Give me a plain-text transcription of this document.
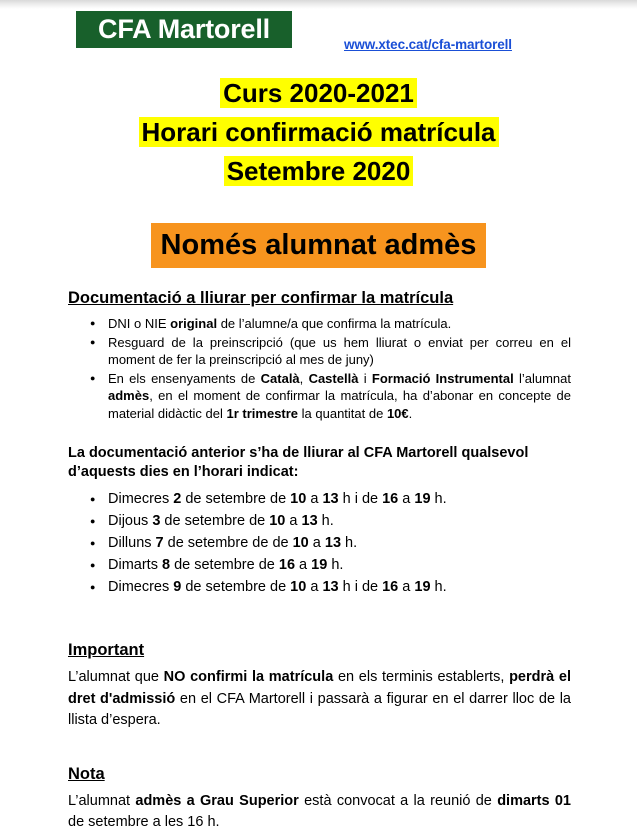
CFA Martorell
www.xtec.cat/cfa-martorell
Curs 2020-2021
Horari confirmació matrícula
Setembre 2020
Només alumnat admès
Documentació a lliurar per confirmar la matrícula
● DNI o NIE original de l’alumne/a que confirma la matrícula.
● Resguard de la preinscripció (que us hem lliurat o enviat per correu en el moment de fer la preinscripció al mes de juny)
● En els ensenyaments de Català, Castellà i Formació Instrumental l’alumnat admès, en el moment de confirmar la matrícula, ha d’abonar en concepte de material didàctic del 1r trimestre la quantitat de 10€.

La documentació anterior s’ha de lliurar al CFA Martorell qualsevol d’aquests dies en l’horari indicat:

● Dimecres 2 de setembre de 10 a 13 h i de 16 a 19 h.
● Dijous 3 de setembre de 10 a 13 h.
● Dilluns 7 de setembre de de 10 a 13 h.
● Dimarts 8 de setembre de 16 a 19 h.
● Dimecres 9 de setembre de 10 a 13 h i de 16 a 19 h.
Important

L’alumnat que NO confirmi la matrícula en els terminis establerts, perdrà el dret d'admissió en el CFA Martorell i passarà a figurar en el darrer lloc de la llista d’espera.

Nota

L’alumnat admès a Grau Superior està convocat a la reunió de dimarts 01 de setembre a les 16 h.
